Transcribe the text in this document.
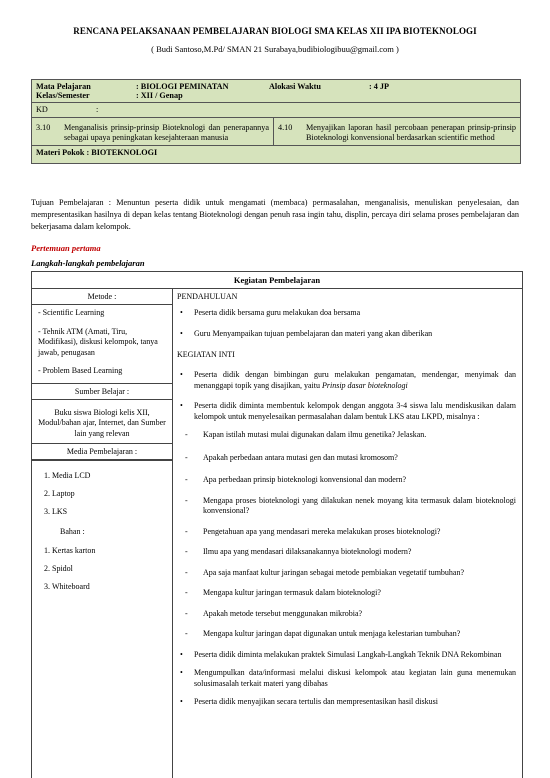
RENCANA PELAKSANAAN PEMBELAJARAN BIOLOGI SMA KELAS XII IPA BIOTEKNOLOGI
( Budi Santoso,M.Pd/ SMAN 21 Surabaya,budibiologibuu@gmail.com )
Mata Pelajaran	: BIOLOGI PEMINATAN	Alokasi Waktu	: 4 JP
Kelas/Semester	: XII / Genap
KD	:
3.10	Menganalisis prinsip-prinsip Bioteknologi dan penerapannya sebagai upaya peningkatan kesejahteraan manusia
4.10	Menyajikan laporan hasil percobaan penerapan prinsip-prinsip Bioteknologi konvensional berdasarkan scientific method
Materi Pokok : BIOTEKNOLOGI
Tujuan Pembelajaran : Menuntun peserta didik untuk mengamati (membaca) permasalahan, menganalisis, menuliskan penyelesaian, dan mempresentasikan hasilnya di depan kelas tentang Bioteknologi dengan penuh rasa ingin tahu, displin, percaya diri selama proses pembelajaran dan bekerjasama dalam kelompok.
Pertemuan pertama
Langkah-langkah pembelajaran
Kegiatan Pembelajaran
Metode :
- Scientific Learning
- Tehnik ATM (Amati, Tiru, Modifikasi), diskusi kelompok, tanya jawab, penugasan
- Problem Based Learning
Sumber Belajar :
Buku siswa Biologi kelis XII, Modul/bahan ajar, Internet, dan Sumber lain yang relevan
Media Pembelajaran :
1. Media LCD
2. Laptop
3. LKS
Bahan :
1. Kertas karton
2. Spidol
3. Whiteboard
PENDAHULUAN
•	Peserta didik bersama guru melakukan doa bersama
•	Guru Menyampaikan tujuan pembelajaran dan materi yang akan diberikan
KEGIATAN INTI
•	Peserta didik dengan bimbingan guru melakukan pengamatan, mendengar, menyimak dan menanggapi topik yang disajikan, yaitu Prinsip dasar bioteknologi
•	Peserta didik diminta membentuk kelompok dengan anggota 3-4 siswa lalu mendiskusikan dalam kelompok untuk menyelesaikan permasalahan dalam bentuk LKS atau LKPD, misalnya :
-	Kapan istilah mutasi mulai digunakan dalam ilmu genetika? Jelaskan.
-	Apakah perbedaan antara mutasi gen dan mutasi kromosom?
-	Apa perbedaan prinsip bioteknologi konvensional dan modern?
-	Mengapa proses bioteknologi yang dilakukan nenek moyang kita termasuk dalam bioteknologi konvensional?
-	Pengetahuan apa yang mendasari mereka melakukan proses bioteknologi?
-	Ilmu apa yang mendasari dilaksanakannya bioteknologi modern?
-	Apa saja manfaat kultur jaringan sebagai metode pembiakan vegetatif tumbuhan?
-	Mengapa kultur jaringan termasuk dalam bioteknologi?
-	Apakah metode tersebut menggunakan mikrobia?
-	Mengapa kultur jaringan dapat digunakan untuk menjaga kelestarian tumbuhan?
•	Peserta didik diminta melakukan praktek Simulasi Langkah-Langkah Teknik DNA Rekombinan
•	Mengumpulkan data/informasi melalui diskusi kelompok atau kegiatan lain guna menemukan solusimasalah terkait materi yang dibahas
•	Peserta didik menyajikan secara tertulis dan mempresentasikan hasil diskusi
